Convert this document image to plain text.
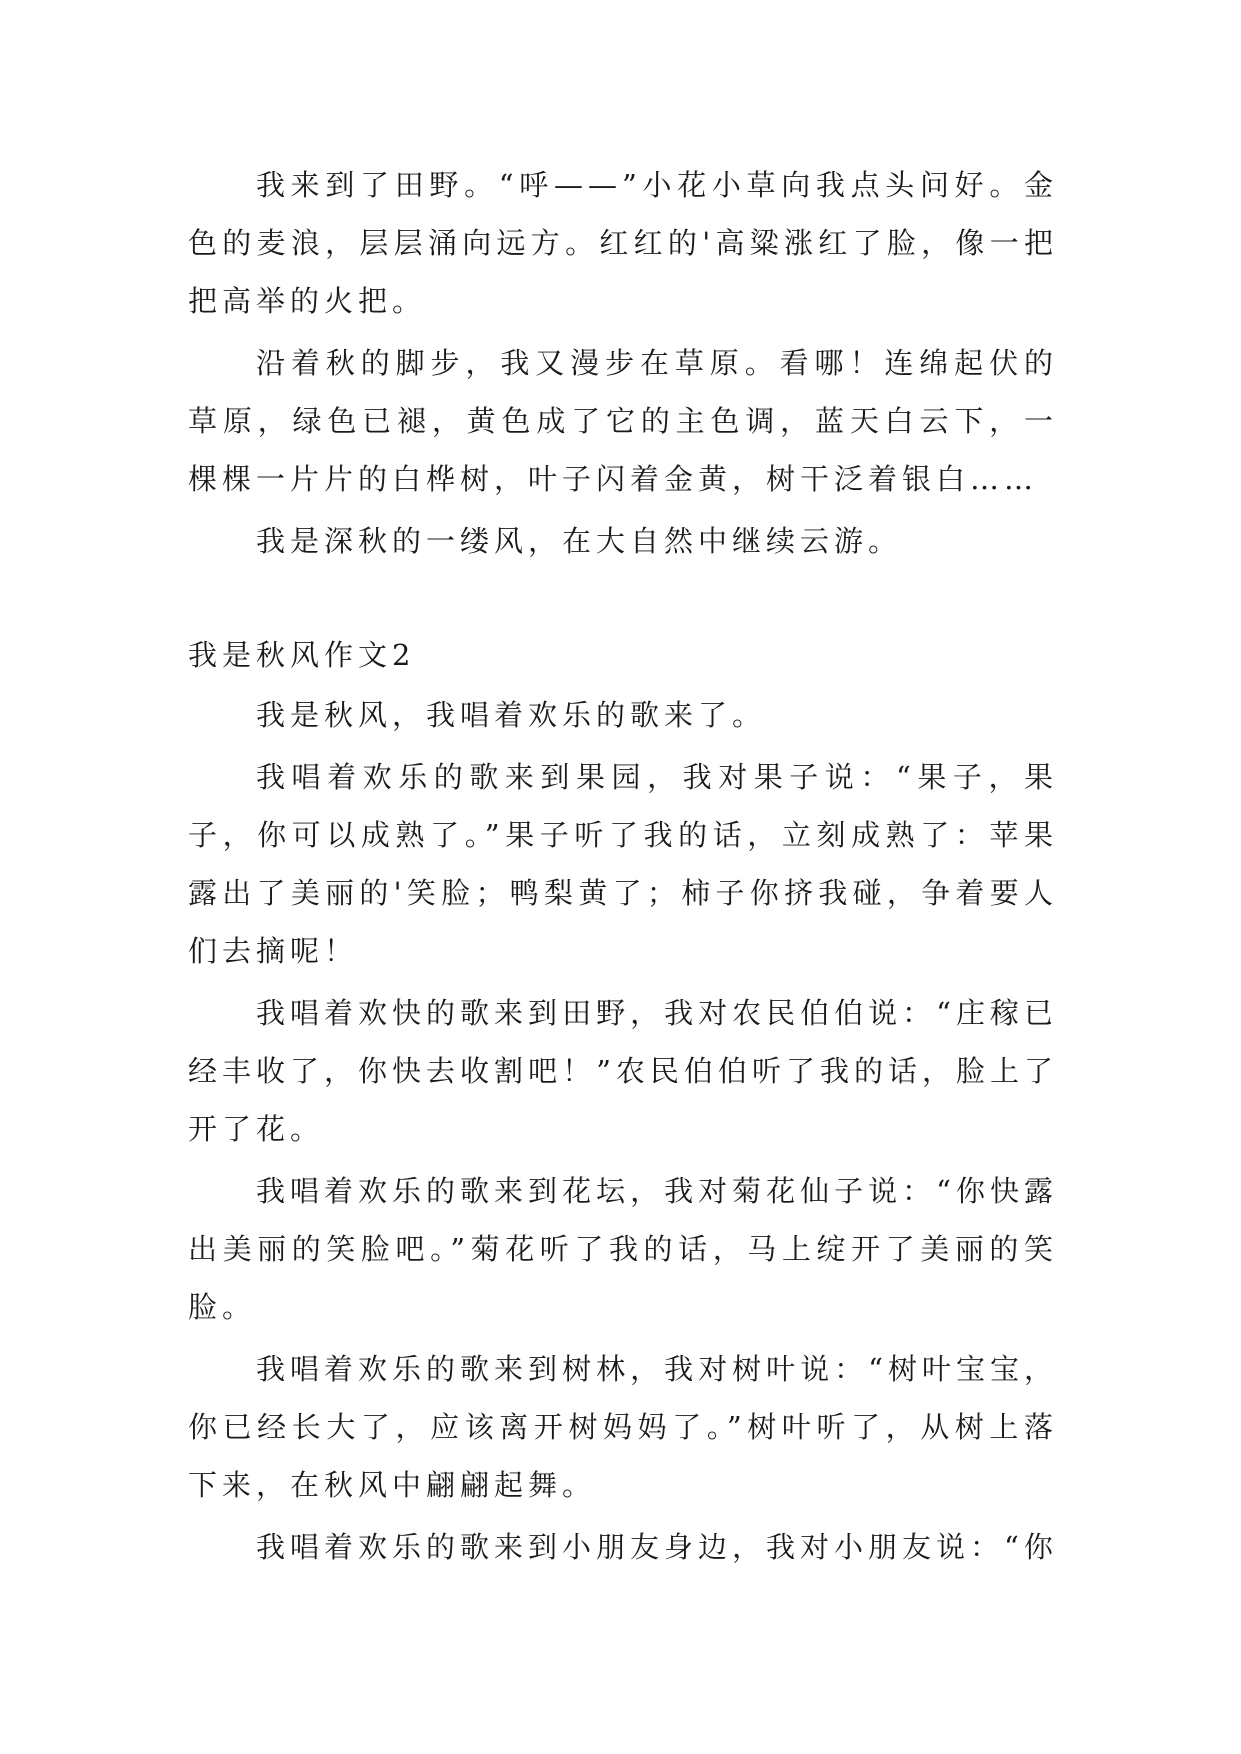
我来到了田野。“呼——”小花小草向我点头问好。金色的麦浪，层层涌向远方。红红的'高粱涨红了脸，像一把把高举的火把。

沿着秋的脚步，我又漫步在草原。看哪！连绵起伏的草原，绿色已褪，黄色成了它的主色调，蓝天白云下，一棵棵一片片的白桦树，叶子闪着金黄，树干泛着银白……

我是深秋的一缕风，在大自然中继续云游。

我是秋风作文2

我是秋风，我唱着欢乐的歌来了。

我唱着欢乐的歌来到果园，我对果子说：“果子，果子，你可以成熟了。”果子听了我的话，立刻成熟了：苹果露出了美丽的'笑脸；鸭梨黄了；柿子你挤我碰，争着要人们去摘呢！

我唱着欢快的歌来到田野，我对农民伯伯说：“庄稼已经丰收了，你快去收割吧！”农民伯伯听了我的话，脸上了开了花。

我唱着欢乐的歌来到花坛，我对菊花仙子说：“你快露出美丽的笑脸吧。”菊花听了我的话，马上绽开了美丽的笑脸。

我唱着欢乐的歌来到树林，我对树叶说：“树叶宝宝，你已经长大了，应该离开树妈妈了。”树叶听了，从树上落下来，在秋风中翩翩起舞。

我唱着欢乐的歌来到小朋友身边，我对小朋友说：“你
